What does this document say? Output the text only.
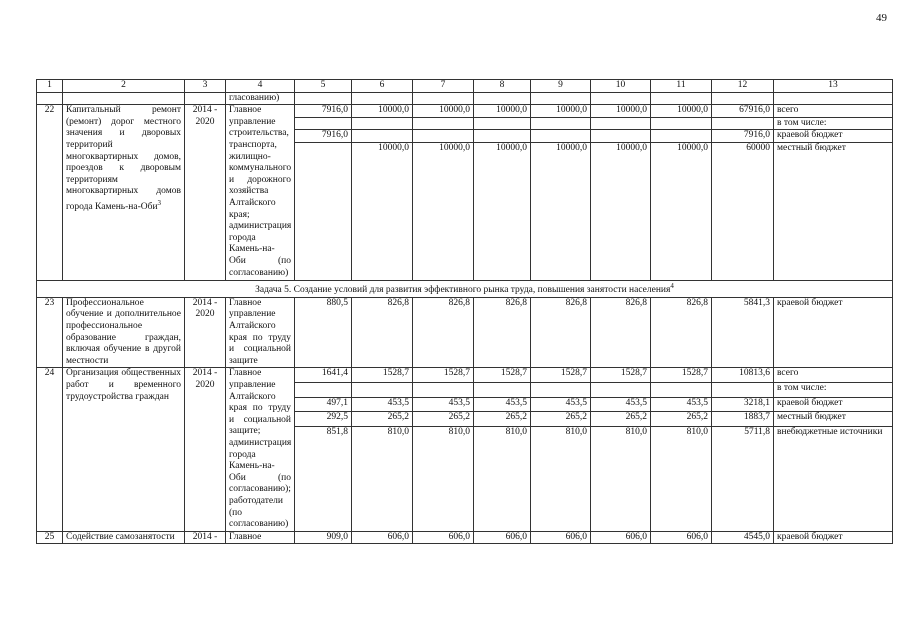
49
1	2	3	4	5	6	7	8	9	10	11	12	13
			гласованию)									
22	Капитальный ремонт (ремонт) дорог местного значения и дворовых территорий многоквартирных домов, проездов к дворовым территориям многоквартирных домов города Камень-на-Оби$^3$	2014 - 2020	Главное управление строительства, транспорта, жилищно-коммунального и дорожного хозяйства Алтайского края; администрация города Камень-на-Оби (по согласованию)	7916,0	10000,0	10000,0	10000,0	10000,0	10000,0	10000,0	67916,0	всего
												в том числе:
				7916,0							7916,0	краевой бюджет
					10000,0	10000,0	10000,0	10000,0	10000,0	10000,0	60000	местный бюджет

Задача 5. Создание условий для развития эффективного рынка труда, повышения занятости населения$^4$
23	Профессиональное обучение и дополнительное профессиональное образование граждан, включая обучение в другой местности	2014 - 2020	Главное управление Алтайского края по труду и социальной защите	880,5	826,8	826,8	826,8	826,8	826,8	826,8	5841,3	краевой бюджет
24	Организация общественных работ и временного трудоустройства граждан	2014 - 2020	Главное управление Алтайского края по труду и социальной защите; администрация города Камень-на-Оби (по согласованию); работодатели (по согласованию)	1641,4	1528,7	1528,7	1528,7	1528,7	1528,7	1528,7	10813,6	всего
												в том числе:
				497,1	453,5	453,5	453,5	453,5	453,5	453,5	3218,1	краевой бюджет
				292,5	265,2	265,2	265,2	265,2	265,2	265,2	1883,7	местный бюджет
				851,8	810,0	810,0	810,0	810,0	810,0	810,0	5711,8	внебюджетные источники

25	Содействие самозанятости	2014 -	Главное	909,0	606,0	606,0	606,0	606,0	606,0	606,0	4545,0	краевой бюджет
